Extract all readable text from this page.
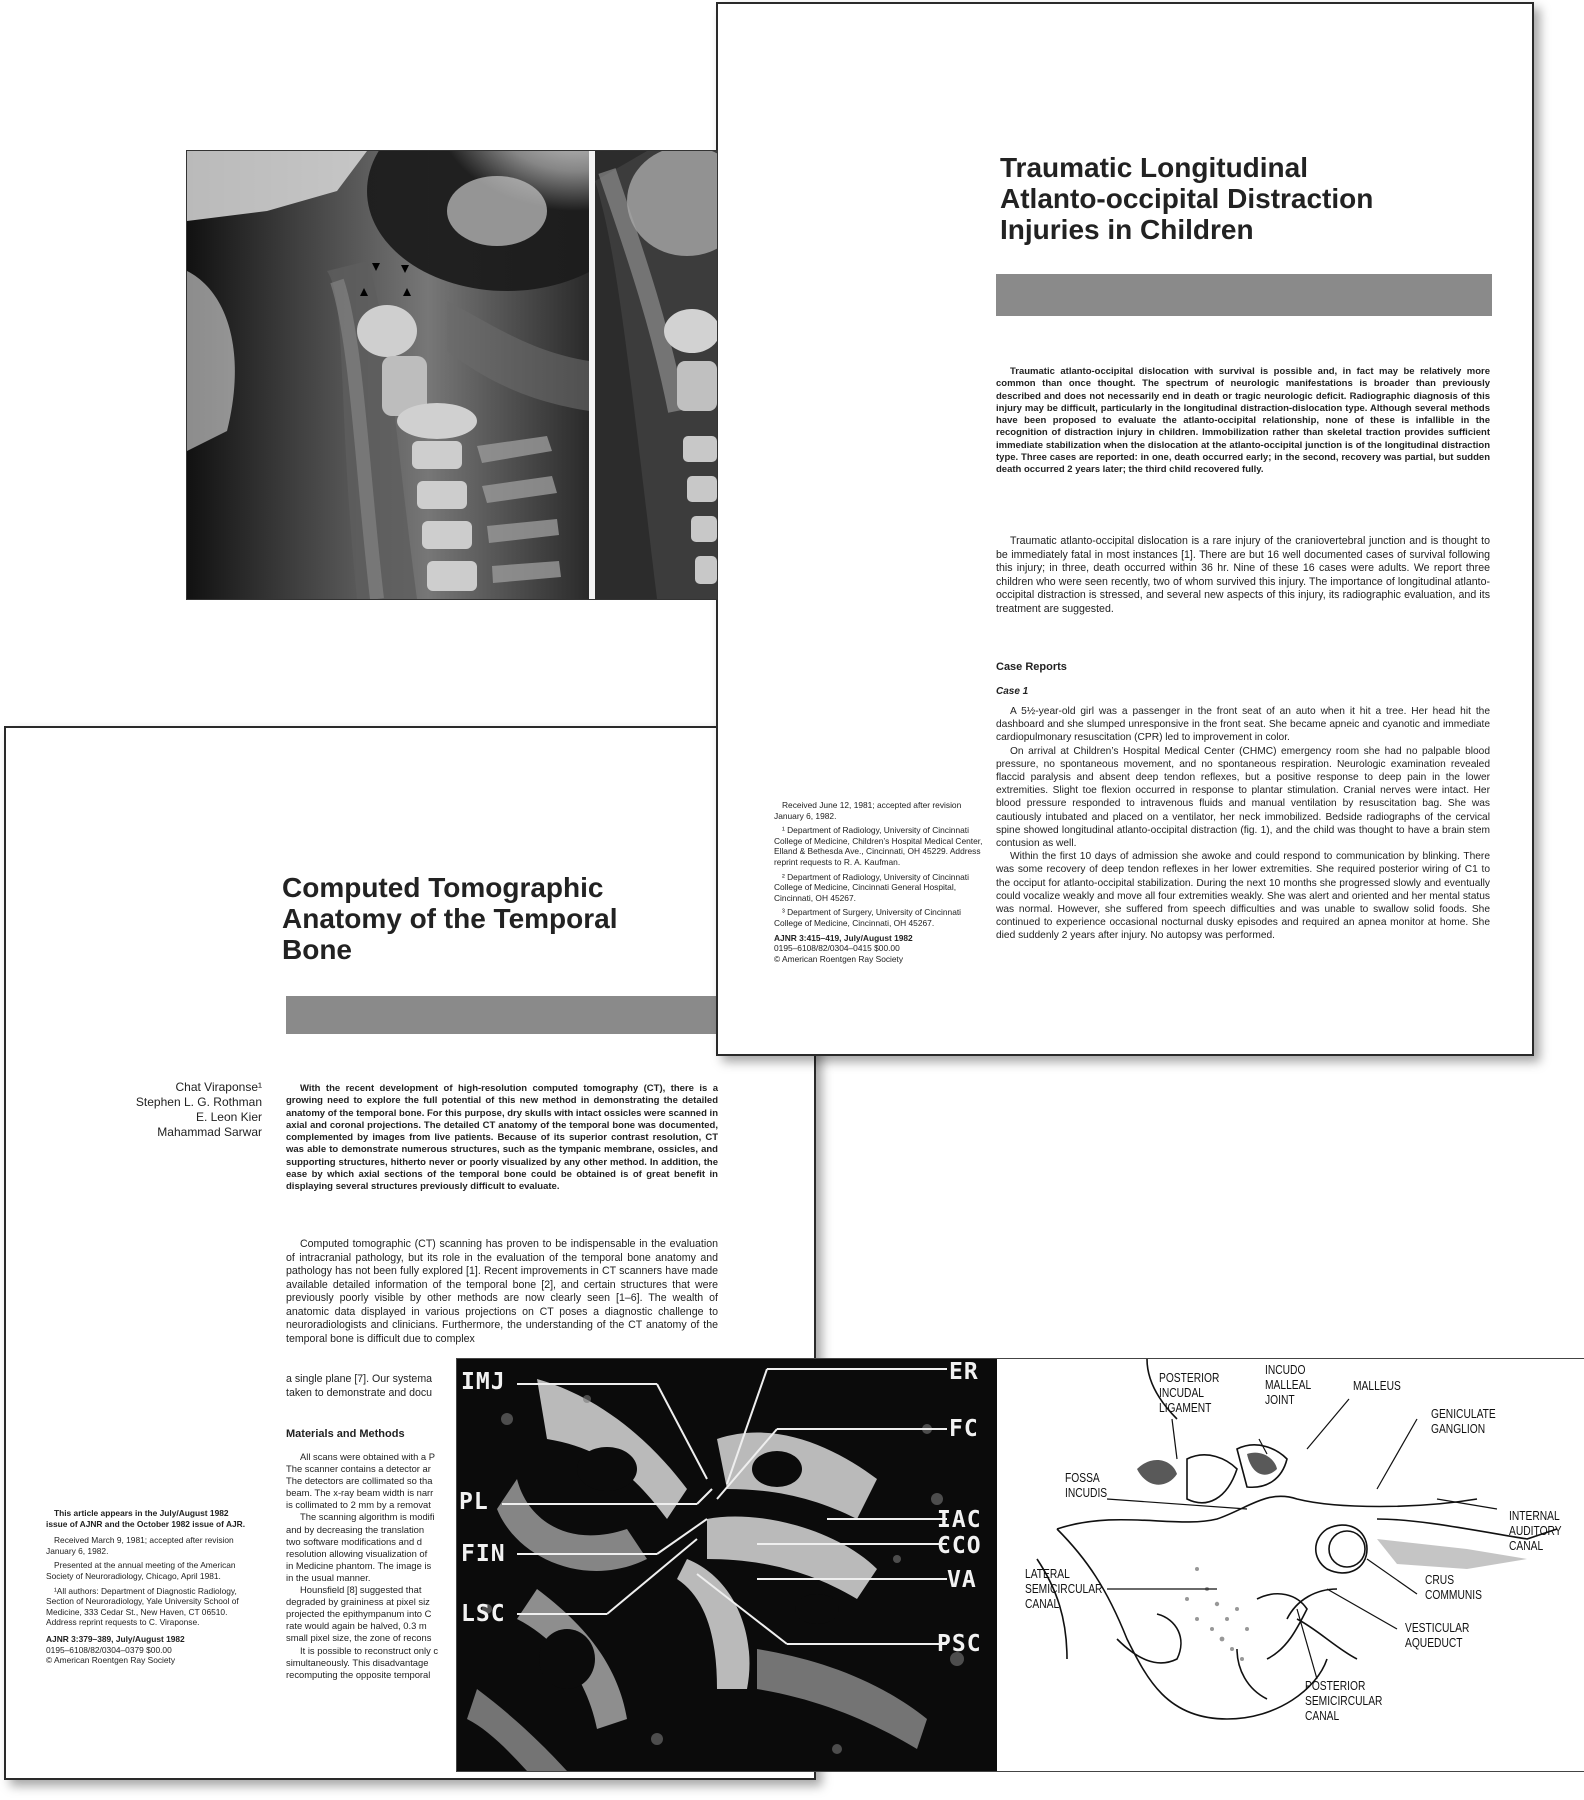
Computed Tomographic
Anatomy of the Temporal
Bone
Chat Viraponse¹
Stephen L. G. Rothman
E. Leon Kier
Mahammad Sarwar

With the recent development of high-resolution computed tomography (CT), there is a growing need to explore the full potential of this new method in demonstrating the detailed anatomy of the temporal bone. For this purpose, dry skulls with intact ossicles were scanned in axial and coronal projections. The detailed CT anatomy of the temporal bone was documented, complemented by images from live patients. Because of its superior contrast resolution, CT was able to demonstrate numerous structures, such as the tympanic membrane, ossicles, and supporting structures, hitherto never or poorly visualized by any other method. In addition, the ease by which axial sections of the temporal bone could be obtained is of great benefit in displaying several structures previously difficult to evaluate.

Computed tomographic (CT) scanning has proven to be indispensable in the evaluation of intracranial pathology, but its role in the evaluation of the temporal bone anatomy and pathology has not been fully explored [1]. Recent improvements in CT scanners have made available detailed information of the temporal bone [2], and certain structures that were previously poorly visible by other methods are now clearly seen [1–6]. The wealth of anatomic data displayed in various projections on CT poses a diagnostic challenge to neuroradiologists and clinicians. Furthermore, the understanding of the CT anatomy of the temporal bone is difficult due to complex

a single plane [7]. Our systema
taken to demonstrate and docu
Materials and Methods
All scans were obtained with a P
The scanner contains a detector ar
The detectors are collimated so tha
beam. The x-ray beam width is narr
is collimated to 2 mm by a removat
The scanning algorithm is modifi
and by decreasing the translation
two software modifications and d
resolution allowing visualization of
in Medicine phantom. The image is
in the usual manner.
Hounsfield [8] suggested that
degraded by graininess at pixel siz
projected the epithympanum into C
rate would again be halved, 0.3 m
small pixel size, the zone of recons
It is possible to reconstruct only c
simultaneously. This disadvantage
recomputing the opposite temporal

This article appears in the July/August 1982 issue of AJNR and the October 1982 issue of AJR.

Received March 9, 1981; accepted after revision January 6, 1982.

Presented at the annual meeting of the American Society of Neuroradiology, Chicago, April 1981.

¹All authors: Department of Diagnostic Radiology, Section of Neuroradiology, Yale University School of Medicine, 333 Cedar St., New Haven, CT 06510. Address reprint requests to C. Viraponse.

AJNR 3:379–389, July/August 1982

0195–6108/82/0304–0379 $00.00

© American Roentgen Ray Society

Traumatic Longitudinal
Atlanto-occipital Distraction
Injuries in Children

Traumatic atlanto-occipital dislocation with survival is possible and, in fact may be relatively more common than once thought. The spectrum of neurologic manifestations is broader than previously described and does not necessarily end in death or tragic neurologic deficit. Radiographic diagnosis of this injury may be difficult, particularly in the longitudinal distraction-dislocation type. Although several methods have been proposed to evaluate the atlanto-occipital relationship, none of these is infallible in the recognition of distraction injury in children. Immobilization rather than skeletal traction provides sufficient immediate stabilization when the dislocation at the atlanto-occipital junction is of the longitudinal distraction type. Three cases are reported: in one, death occurred early; in the second, recovery was partial, but sudden death occurred 2 years later; the third child recovered fully.

Traumatic atlanto-occipital dislocation is a rare injury of the craniovertebral junction and is thought to be immediately fatal in most instances [1]. There are but 16 well documented cases of survival following this injury; in three, death occurred within 36 hr. Nine of these 16 cases were adults. We report three children who were seen recently, two of whom survived this injury. The importance of longitudinal atlanto-occipital distraction is stressed, and several new aspects of this injury, its radiographic evaluation, and its treatment are suggested.

Case Reports
Case 1

A 5½-year-old girl was a passenger in the front seat of an auto when it hit a tree. Her head hit the dashboard and she slumped unresponsive in the front seat. She became apneic and cyanotic and immediate cardiopulmonary resuscitation (CPR) led to improvement in color.

On arrival at Children’s Hospital Medical Center (CHMC) emergency room she had no palpable blood pressure, no spontaneous movement, and no spontaneous respiration. Neurologic examination revealed flaccid paralysis and absent deep tendon reflexes, but a positive response to deep pain in the lower extremities. Slight toe flexion occurred in response to plantar stimulation. Cranial nerves were intact. Her blood pressure responded to intravenous fluids and manual ventilation by resuscitation bag. She was cautiously intubated and placed on a ventilator, her neck immobilized. Bedside radiographs of the cervical spine showed longitudinal atlanto-occipital distraction (fig. 1), and the child was thought to have a brain stem contusion as well.

Within the first 10 days of admission she awoke and could respond to communication by blinking. There was some recovery of deep tendon reflexes in her lower extremities. She required posterior wiring of C1 to the occiput for atlanto-occipital stabilization. During the next 10 months she progressed slowly and eventually could vocalize weakly and move all four extremities weakly. She was alert and oriented and her mental status was normal. However, she suffered from speech difficulties and was unable to swallow solid foods. She continued to experience occasional nocturnal dusky episodes and required an apnea monitor at home. She died suddenly 2 years after injury. No autopsy was performed.

Received June 12, 1981; accepted after revision January 6, 1982.

¹ Department of Radiology, University of Cincinnati College of Medicine, Children’s Hospital Medical Center, Elland & Bethesda Ave., Cincinnati, OH 45229. Address reprint requests to R. A. Kaufman.

² Department of Radiology, University of Cincinnati College of Medicine, Cincinnati General Hospital, Cincinnati, OH 45267.

³ Department of Surgery, University of Cincinnati College of Medicine, Cincinnati, OH 45267.

AJNR 3:415–419, July/August 1982

0195–6108/82/0304–0415 $00.00

© American Roentgen Ray Society

IMJ
PL
FIN
LSC
ER
FC
IAC
CCO
VA
PSC
POSTERIOR
INCUDAL
LIGAMENT
INCUDO
MALLEAL
JOINT
MALLEUS
GENICULATE
GANGLION
FOSSA
INCUDIS
INTERNAL
AUDITORY
CANAL
LATERAL
SEMICIRCULAR
CANAL
CRUS
COMMUNIS
VESTICULAR
AQUEDUCT
POSTERIOR
SEMICIRCULAR
CANAL
